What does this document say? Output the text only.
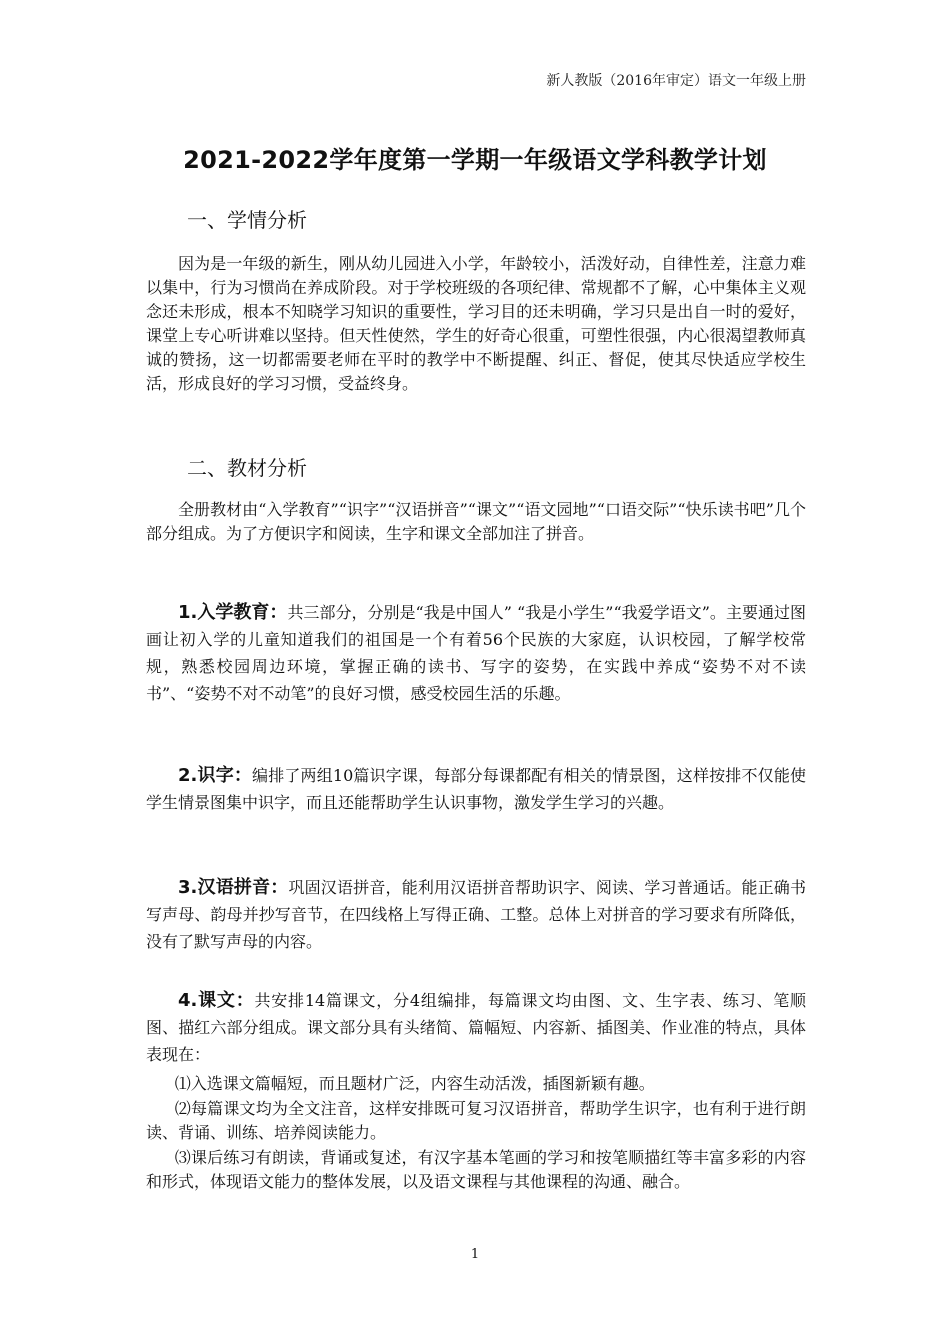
新人教版（2016年审定）语文一年级上册
2021-2022学年度第一学期一年级语文学科教学计划
一、学情分析

因为是一年级的新生，刚从幼儿园进入小学，年龄较小，活泼好动，自律性差，注意力难以集中，行为习惯尚在养成阶段。对于学校班级的各项纪律、常规都不了解，心中集体主义观念还未形成，根本不知晓学习知识的重要性，学习目的还未明确，学习只是出自一时的爱好，课堂上专心听讲难以坚持。但天性使然，学生的好奇心很重，可塑性很强，内心很渴望教师真诚的赞扬，这一切都需要老师在平时的教学中不断提醒、纠正、督促，使其尽快适应学校生活，形成良好的学习习惯，受益终身。

二、教材分析

全册教材由“入学教育”“识字”“汉语拼音”“课文”“语文园地”“口语交际”“快乐读书吧”几个部分组成。为了方便识字和阅读，生字和课文全部加注了拼音。

1.入学教育：共三部分，分别是“我是中国人” “我是小学生”“我爱学语文”。主要通过图画让初入学的儿童知道我们的祖国是一个有着56个民族的大家庭，认识校园，了解学校常规，熟悉校园周边环境，掌握正确的读书、写字的姿势，在实践中养成“姿势不对不读书”、“姿势不对不动笔”的良好习惯，感受校园生活的乐趣。

2.识字：编排了两组10篇识字课，每部分每课都配有相关的情景图，这样按排不仅能使学生情景图集中识字，而且还能帮助学生认识事物，激发学生学习的兴趣。

3.汉语拼音：巩固汉语拼音，能利用汉语拼音帮助识字、阅读、学习普通话。能正确书写声母、韵母并抄写音节，在四线格上写得正确、工整。总体上对拼音的学习要求有所降低，没有了默写声母的内容。

4.课文：共安排14篇课文，分4组编排，每篇课文均由图、文、生字表、练习、笔顺图、描红六部分组成。课文部分具有头绪简、篇幅短、内容新、插图美、作业准的特点，具体表现在：

⑴入选课文篇幅短，而且题材广泛，内容生动活泼，插图新颖有趣。

⑵每篇课文均为全文注音，这样安排既可复习汉语拼音，帮助学生识字，也有利于进行朗读、背诵、训练、培养阅读能力。

⑶课后练习有朗读，背诵或复述，有汉字基本笔画的学习和按笔顺描红等丰富多彩的内容和形式，体现语文能力的整体发展，以及语文课程与其他课程的沟通、融合。

1
